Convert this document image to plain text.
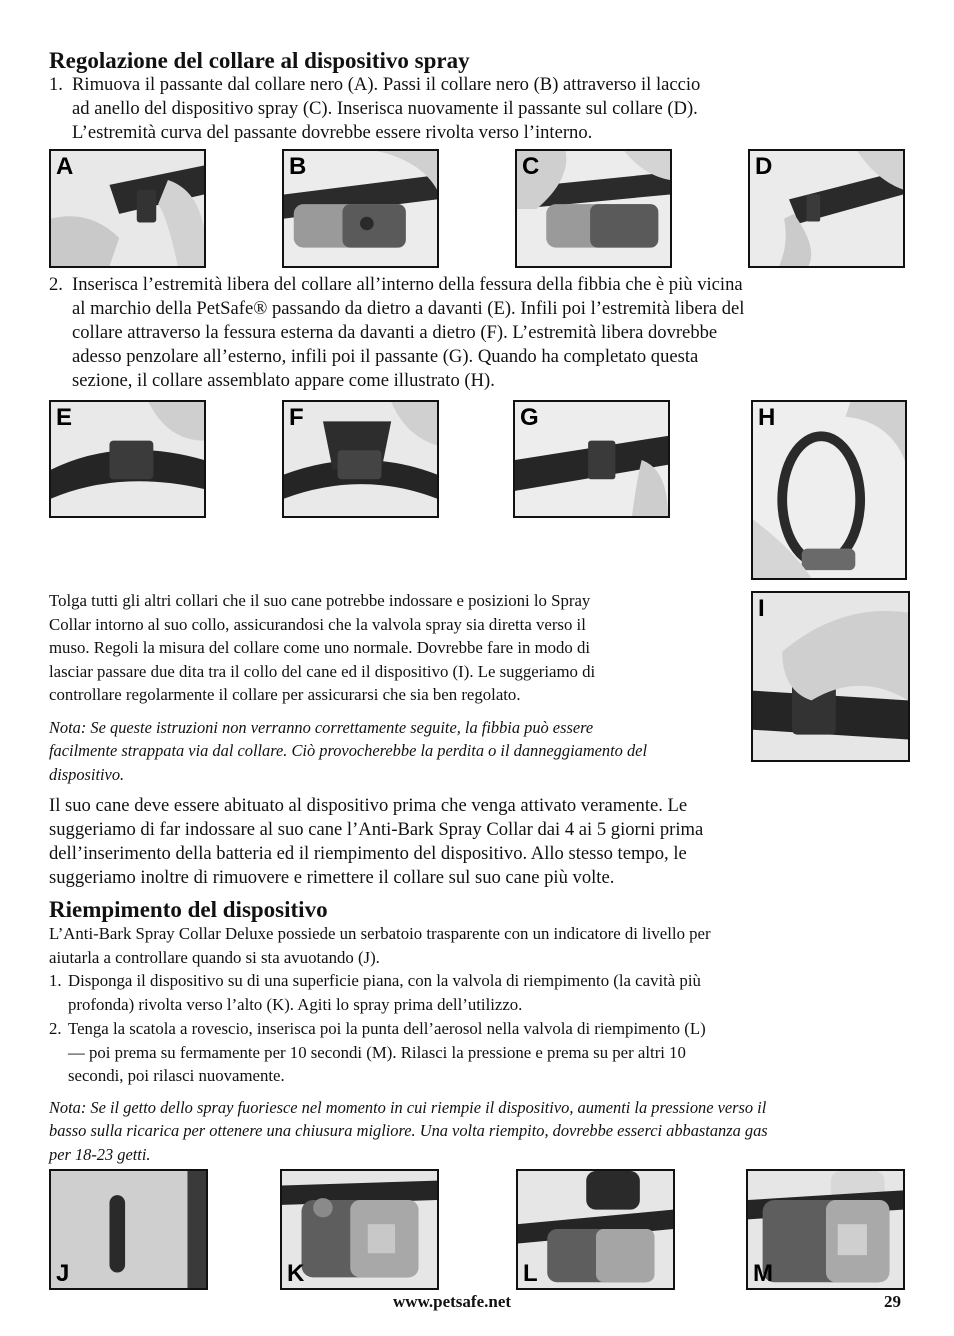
Regolazione del collare al dispositivo spray
1. Rimuova il passante dal collare nero (A). Passi il collare nero (B) attraverso il laccio
ad anello del dispositivo spray (C). Inserisca nuovamente il passante sul collare (D).
L’estremità curva del passante dovrebbe essere rivolta verso l’interno.
A	B	C	D
2. Inserisca l’estremità libera del collare all’interno della fessura della fibbia che è più vicina
al marchio della PetSafe® passando da dietro a davanti (E). Infili poi l’estremità libera del
collare attraverso la fessura esterna da davanti a dietro (F). L’estremità libera dovrebbe
adesso penzolare all’esterno, infili poi il passante (G). Quando ha completato questa
sezione, il collare assemblato appare come illustrato (H).
E	F	G	H
Tolga tutti gli altri collari che il suo cane potrebbe indossare e posizioni lo Spray
Collar intorno al suo collo, assicurandosi che la valvola spray sia diretta verso il
muso. Regoli la misura del collare come uno normale. Dovrebbe fare in modo di
lasciar passare due dita tra il collo del cane ed il dispositivo (I). Le suggeriamo di
controllare regolarmente il collare per assicurarsi che sia ben regolato.
I
Nota: Se queste istruzioni non verranno correttamente seguite, la fibbia può essere
facilmente strappata via dal collare. Ciò provocherebbe la perdita o il danneggiamento del
dispositivo.
Il suo cane deve essere abituato al dispositivo prima che venga attivato veramente. Le
suggeriamo di far indossare al suo cane l’Anti-Bark Spray Collar dai 4 ai 5 giorni prima
dell’inserimento della batteria ed il riempimento del dispositivo. Allo stesso tempo, le
suggeriamo inoltre di rimuovere e rimettere il collare sul suo cane più volte.
Riempimento del dispositivo
L’Anti-Bark Spray Collar Deluxe possiede un serbatoio trasparente con un indicatore di livello per
aiutarla a controllare quando si sta avuotando (J).
1. Disponga il dispositivo su di una superficie piana, con la valvola di riempimento (la cavità più
profonda) rivolta verso l’alto (K). Agiti lo spray prima dell’utilizzo.
2. Tenga la scatola a rovescio, inserisca poi la punta dell’aerosol nella valvola di riempimento (L)
— poi prema su fermamente per 10 secondi (M). Rilasci la pressione e prema su per altri 10
secondi, poi rilasci nuovamente.
Nota: Se il getto dello spray fuoriesce nel momento in cui riempie il dispositivo, aumenti la pressione verso il
basso sulla ricarica per ottenere una chiusura migliore. Una volta riempito, dovrebbe esserci abbastanza gas
per 18-23 getti.
J	K	L	M
www.petsafe.net	29
